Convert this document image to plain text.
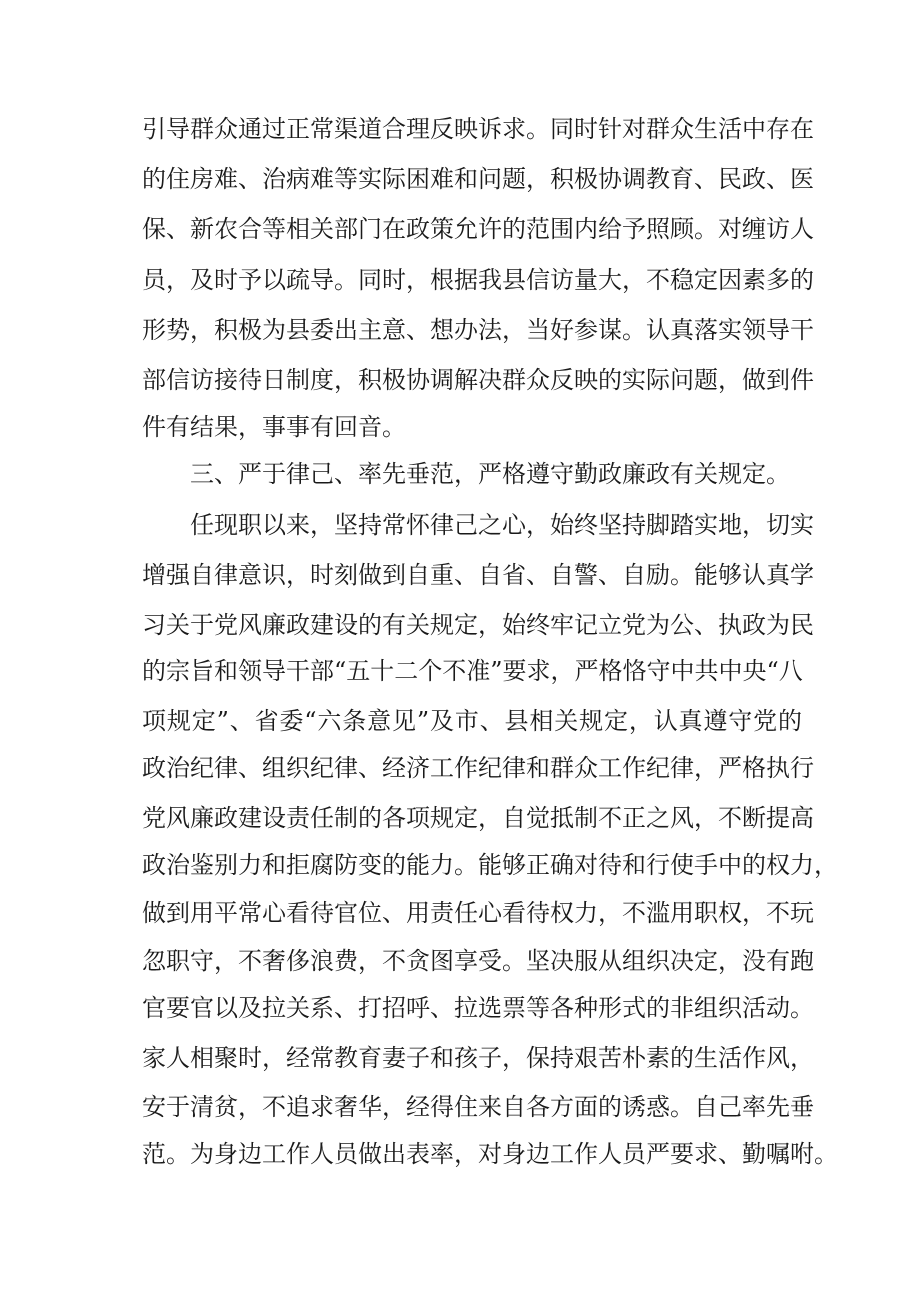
引导群众通过正常渠道合理反映诉求。同时针对群众生活中存在
的住房难、治病难等实际困难和问题，积极协调教育、民政、医
保、新农合等相关部门在政策允许的范围内给予照顾。对缠访人
员，及时予以疏导。同时，根据我县信访量大，不稳定因素多的
形势，积极为县委出主意、想办法，当好参谋。认真落实领导干
部信访接待日制度，积极协调解决群众反映的实际问题，做到件
件有结果，事事有回音。
三、严于律己、率先垂范，严格遵守勤政廉政有关规定。
任现职以来，坚持常怀律己之心，始终坚持脚踏实地，切实
增强自律意识，时刻做到自重、自省、自警、自励。能够认真学
习关于党风廉政建设的有关规定，始终牢记立党为公、执政为民
的宗旨和领导干部“五十二个不准”要求，严格恪守中共中央“八
项规定”、省委“六条意见”及市、县相关规定，认真遵守党的
政治纪律、组织纪律、经济工作纪律和群众工作纪律，严格执行
党风廉政建设责任制的各项规定，自觉抵制不正之风，不断提高
政治鉴别力和拒腐防变的能力。能够正确对待和行使手中的权力，
做到用平常心看待官位、用责任心看待权力，不滥用职权，不玩
忽职守，不奢侈浪费，不贪图享受。坚决服从组织决定，没有跑
官要官以及拉关系、打招呼、拉选票等各种形式的非组织活动。
家人相聚时，经常教育妻子和孩子，保持艰苦朴素的生活作风，
安于清贫，不追求奢华，经得住来自各方面的诱惑。自己率先垂
范。为身边工作人员做出表率，对身边工作人员严要求、勤嘱咐。
